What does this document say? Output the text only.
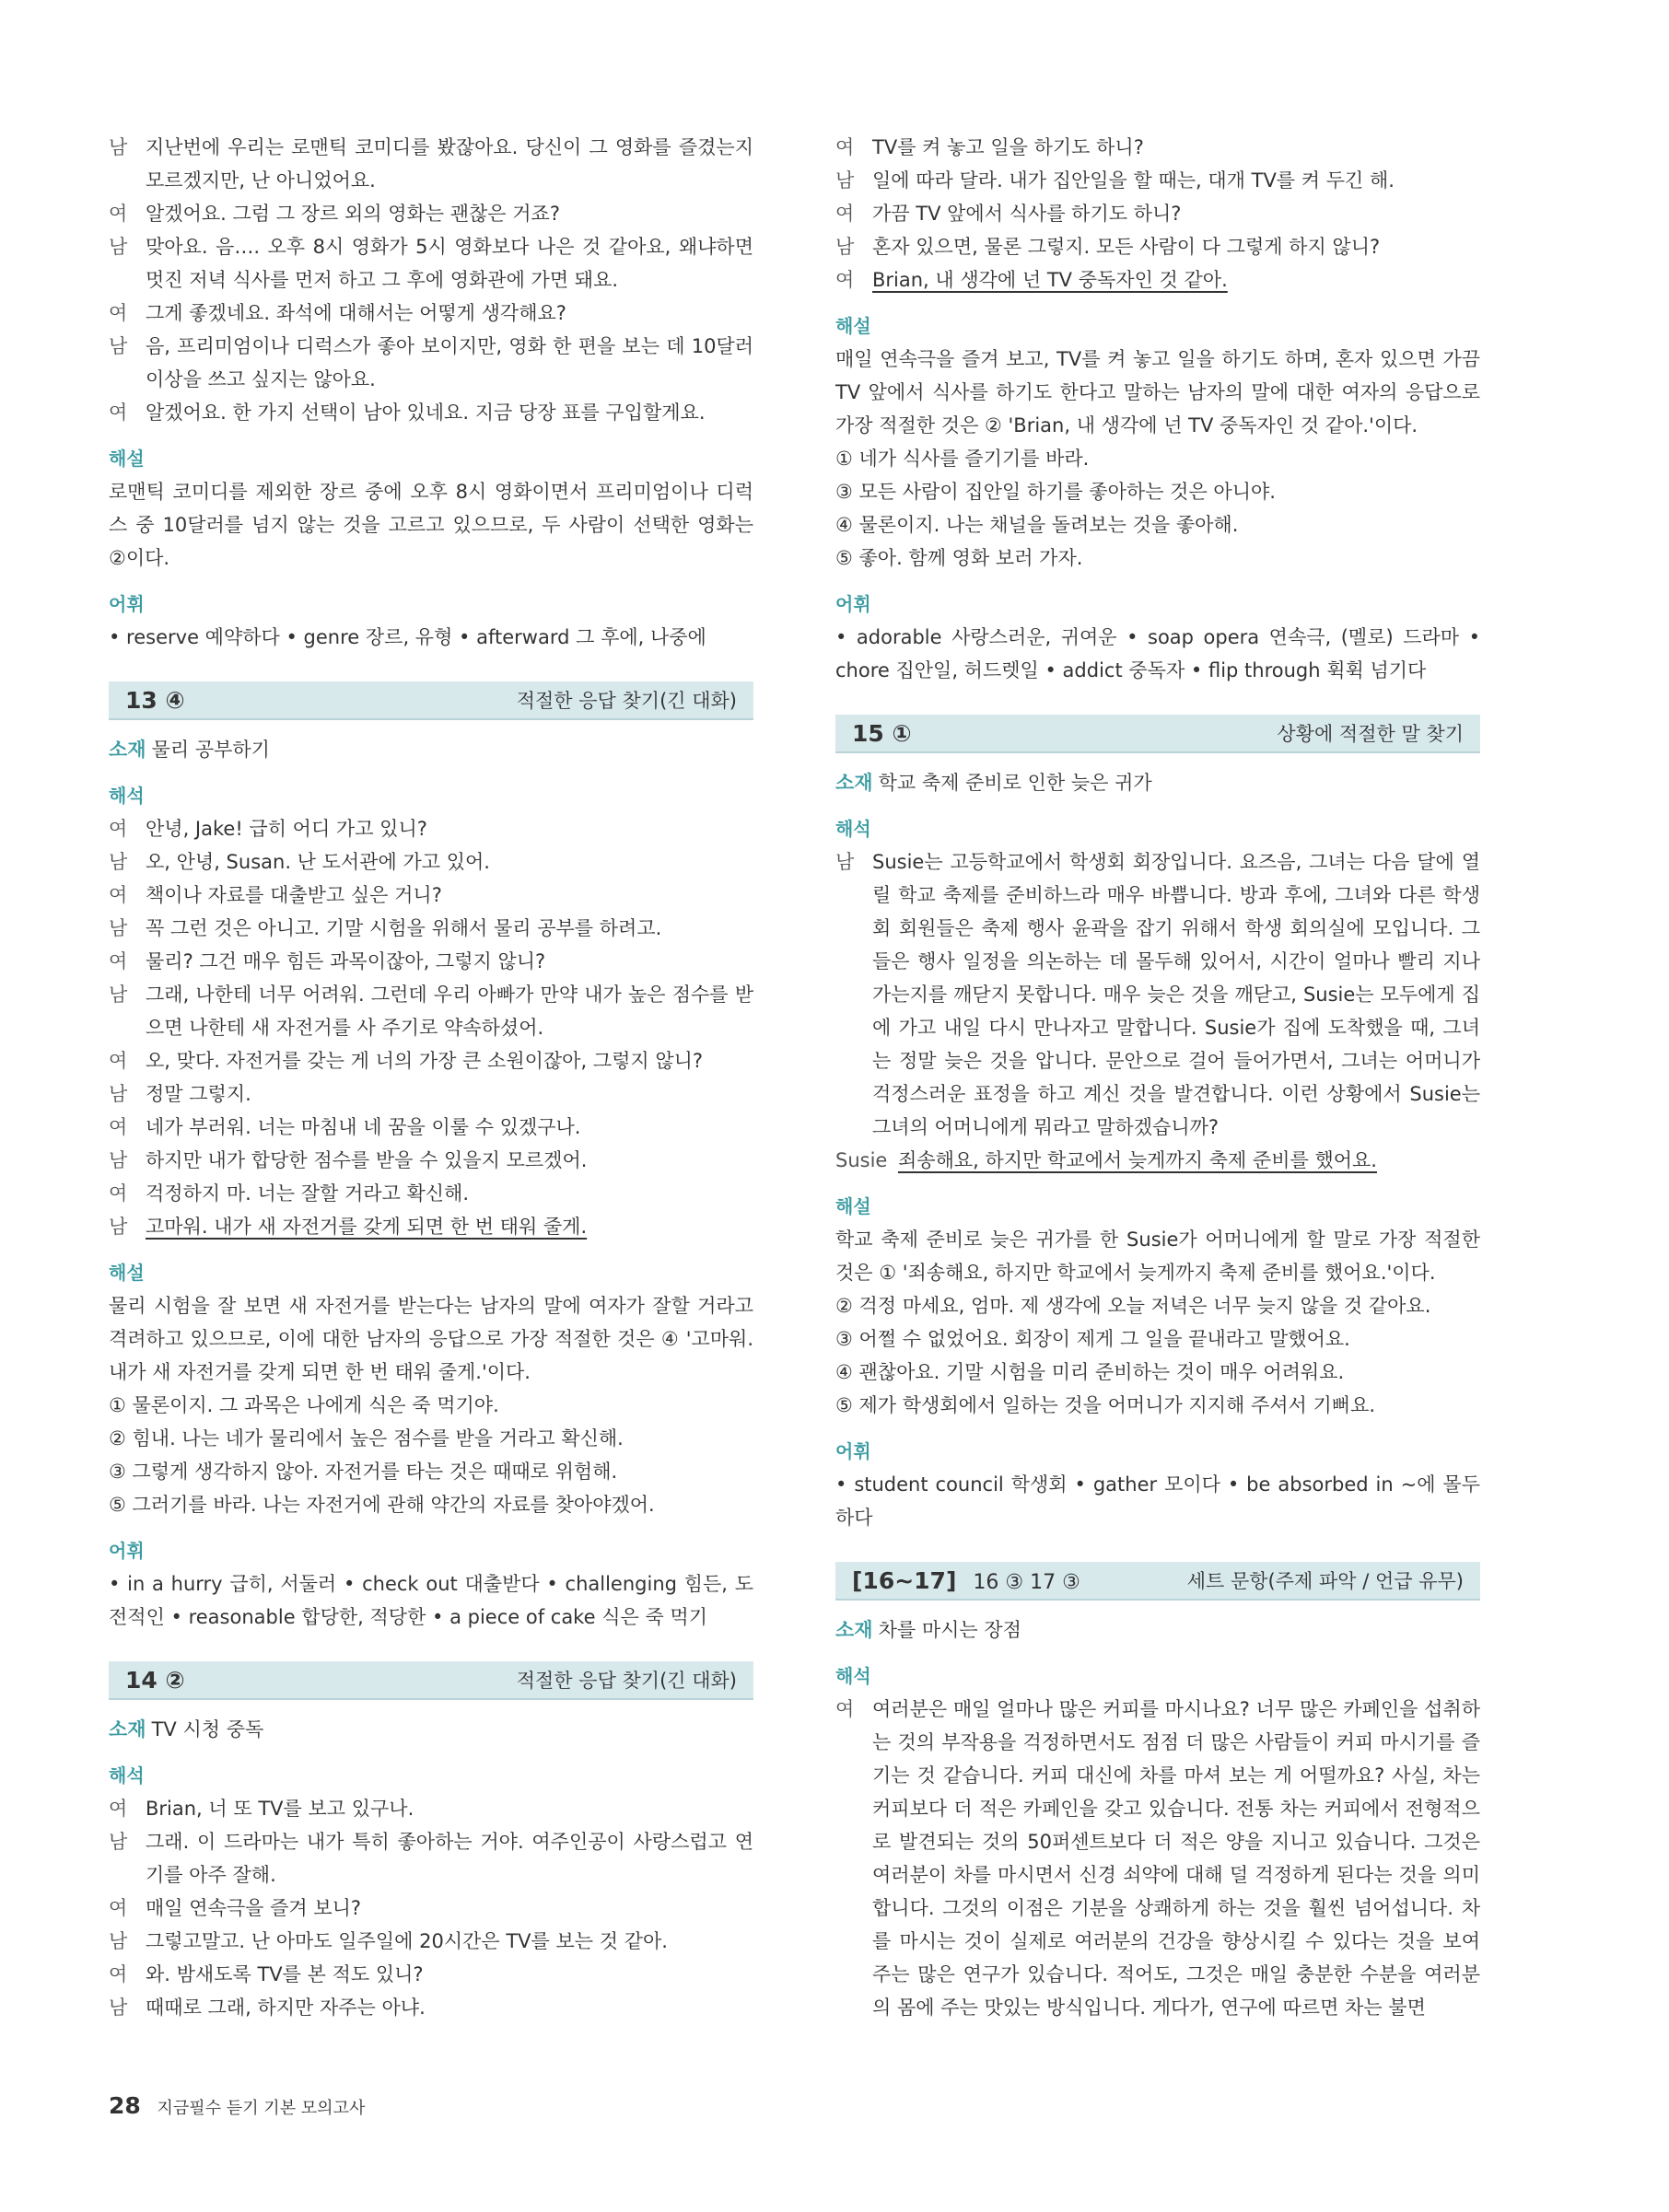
남 지난번에 우리는 로맨틱 코미디를 봤잖아요. 당신이 그 영화를 즐겼는지 모르겠지만, 난 아니었어요.
여 알겠어요. 그럼 그 장르 외의 영화는 괜찮은 거죠?
남 맞아요. 음…. 오후 8시 영화가 5시 영화보다 나은 것 같아요, 왜냐하면 멋진 저녁 식사를 먼저 하고 그 후에 영화관에 가면 돼요.
여 그게 좋겠네요. 좌석에 대해서는 어떻게 생각해요?
남 음, 프리미엄이나 디럭스가 좋아 보이지만, 영화 한 편을 보는 데 10달러 이상을 쓰고 싶지는 않아요.
여 알겠어요. 한 가지 선택이 남아 있네요. 지금 당장 표를 구입할게요.
해설
로맨틱 코미디를 제외한 장르 중에 오후 8시 영화이면서 프리미엄이나 디럭스 중 10달러를 넘지 않는 것을 고르고 있으므로, 두 사람이 선택한 영화는 ②이다.
어휘
• reserve 예약하다 • genre 장르, 유형 • afterward 그 후에, 나중에
13 ④	적절한 응답 찾기(긴 대화)
소재 물리 공부하기
해석
여 안녕, Jake! 급히 어디 가고 있니?
남 오, 안녕, Susan. 난 도서관에 가고 있어.
여 책이나 자료를 대출받고 싶은 거니?
남 꼭 그런 것은 아니고. 기말 시험을 위해서 물리 공부를 하려고.
여 물리? 그건 매우 힘든 과목이잖아, 그렇지 않니?
남 그래, 나한테 너무 어려워. 그런데 우리 아빠가 만약 내가 높은 점수를 받으면 나한테 새 자전거를 사 주기로 약속하셨어.
여 오, 맞다. 자전거를 갖는 게 너의 가장 큰 소원이잖아, 그렇지 않니?
남 정말 그렇지.
여 네가 부러워. 너는 마침내 네 꿈을 이룰 수 있겠구나.
남 하지만 내가 합당한 점수를 받을 수 있을지 모르겠어.
여 걱정하지 마. 너는 잘할 거라고 확신해.
남 고마워. 내가 새 자전거를 갖게 되면 한 번 태워 줄게.
해설
물리 시험을 잘 보면 새 자전거를 받는다는 남자의 말에 여자가 잘할 거라고 격려하고 있으므로, 이에 대한 남자의 응답으로 가장 적절한 것은 ④ '고마워. 내가 새 자전거를 갖게 되면 한 번 태워 줄게.'이다.
① 물론이지. 그 과목은 나에게 식은 죽 먹기야.
② 힘내. 나는 네가 물리에서 높은 점수를 받을 거라고 확신해.
③ 그렇게 생각하지 않아. 자전거를 타는 것은 때때로 위험해.
⑤ 그러기를 바라. 나는 자전거에 관해 약간의 자료를 찾아야겠어.
어휘
• in a hurry 급히, 서둘러 • check out 대출받다 • challenging 힘든, 도전적인 • reasonable 합당한, 적당한 • a piece of cake 식은 죽 먹기
14 ②	적절한 응답 찾기(긴 대화)
소재 TV 시청 중독
해석
여 Brian, 너 또 TV를 보고 있구나.
남 그래. 이 드라마는 내가 특히 좋아하는 거야. 여주인공이 사랑스럽고 연기를 아주 잘해.
여 매일 연속극을 즐겨 보니?
남 그렇고말고. 난 아마도 일주일에 20시간은 TV를 보는 것 같아.
여 와. 밤새도록 TV를 본 적도 있니?
남 때때로 그래, 하지만 자주는 아냐.
여 TV를 켜 놓고 일을 하기도 하니?
남 일에 따라 달라. 내가 집안일을 할 때는, 대개 TV를 켜 두긴 해.
여 가끔 TV 앞에서 식사를 하기도 하니?
남 혼자 있으면, 물론 그렇지. 모든 사람이 다 그렇게 하지 않니?
여 Brian, 내 생각에 넌 TV 중독자인 것 같아.
해설
매일 연속극을 즐겨 보고, TV를 켜 놓고 일을 하기도 하며, 혼자 있으면 가끔 TV 앞에서 식사를 하기도 한다고 말하는 남자의 말에 대한 여자의 응답으로 가장 적절한 것은 ② 'Brian, 내 생각에 넌 TV 중독자인 것 같아.'이다.
① 네가 식사를 즐기기를 바라.
③ 모든 사람이 집안일 하기를 좋아하는 것은 아니야.
④ 물론이지. 나는 채널을 돌려보는 것을 좋아해.
⑤ 좋아. 함께 영화 보러 가자.
어휘
• adorable 사랑스러운, 귀여운 • soap opera 연속극, (멜로) 드라마 • chore 집안일, 허드렛일 • addict 중독자 • flip through 휙휙 넘기다
15 ①	상황에 적절한 말 찾기
소재 학교 축제 준비로 인한 늦은 귀가
해석
남 Susie는 고등학교에서 학생회 회장입니다. 요즈음, 그녀는 다음 달에 열릴 학교 축제를 준비하느라 매우 바쁩니다. 방과 후에, 그녀와 다른 학생회 회원들은 축제 행사 윤곽을 잡기 위해서 학생 회의실에 모입니다. 그들은 행사 일정을 의논하는 데 몰두해 있어서, 시간이 얼마나 빨리 지나가는지를 깨닫지 못합니다. 매우 늦은 것을 깨닫고, Susie는 모두에게 집에 가고 내일 다시 만나자고 말합니다. Susie가 집에 도착했을 때, 그녀는 정말 늦은 것을 압니다. 문안으로 걸어 들어가면서, 그녀는 어머니가 걱정스러운 표정을 하고 계신 것을 발견합니다. 이런 상황에서 Susie는 그녀의 어머니에게 뭐라고 말하겠습니까?
Susie 죄송해요, 하지만 학교에서 늦게까지 축제 준비를 했어요.
해설
학교 축제 준비로 늦은 귀가를 한 Susie가 어머니에게 할 말로 가장 적절한 것은 ① '죄송해요, 하지만 학교에서 늦게까지 축제 준비를 했어요.'이다.
② 걱정 마세요, 엄마. 제 생각에 오늘 저녁은 너무 늦지 않을 것 같아요.
③ 어쩔 수 없었어요. 회장이 제게 그 일을 끝내라고 말했어요.
④ 괜찮아요. 기말 시험을 미리 준비하는 것이 매우 어려워요.
⑤ 제가 학생회에서 일하는 것을 어머니가 지지해 주셔서 기뻐요.
어휘
• student council 학생회 • gather 모이다 • be absorbed in ~에 몰두하다
[16~17] 16 ③ 17 ③	세트 문항(주제 파악 / 언급 유무)
소재 차를 마시는 장점
해석
여 여러분은 매일 얼마나 많은 커피를 마시나요? 너무 많은 카페인을 섭취하는 것의 부작용을 걱정하면서도 점점 더 많은 사람들이 커피 마시기를 즐기는 것 같습니다. 커피 대신에 차를 마셔 보는 게 어떨까요? 사실, 차는 커피보다 더 적은 카페인을 갖고 있습니다. 전통 차는 커피에서 전형적으로 발견되는 것의 50퍼센트보다 더 적은 양을 지니고 있습니다. 그것은 여러분이 차를 마시면서 신경 쇠약에 대해 덜 걱정하게 된다는 것을 의미합니다. 그것의 이점은 기분을 상쾌하게 하는 것을 훨씬 넘어섭니다. 차를 마시는 것이 실제로 여러분의 건강을 향상시킬 수 있다는 것을 보여 주는 많은 연구가 있습니다. 적어도, 그것은 매일 충분한 수분을 여러분의 몸에 주는 맛있는 방식입니다. 게다가, 연구에 따르면 차는 불면
28 지금필수 듣기 기본 모의고사
